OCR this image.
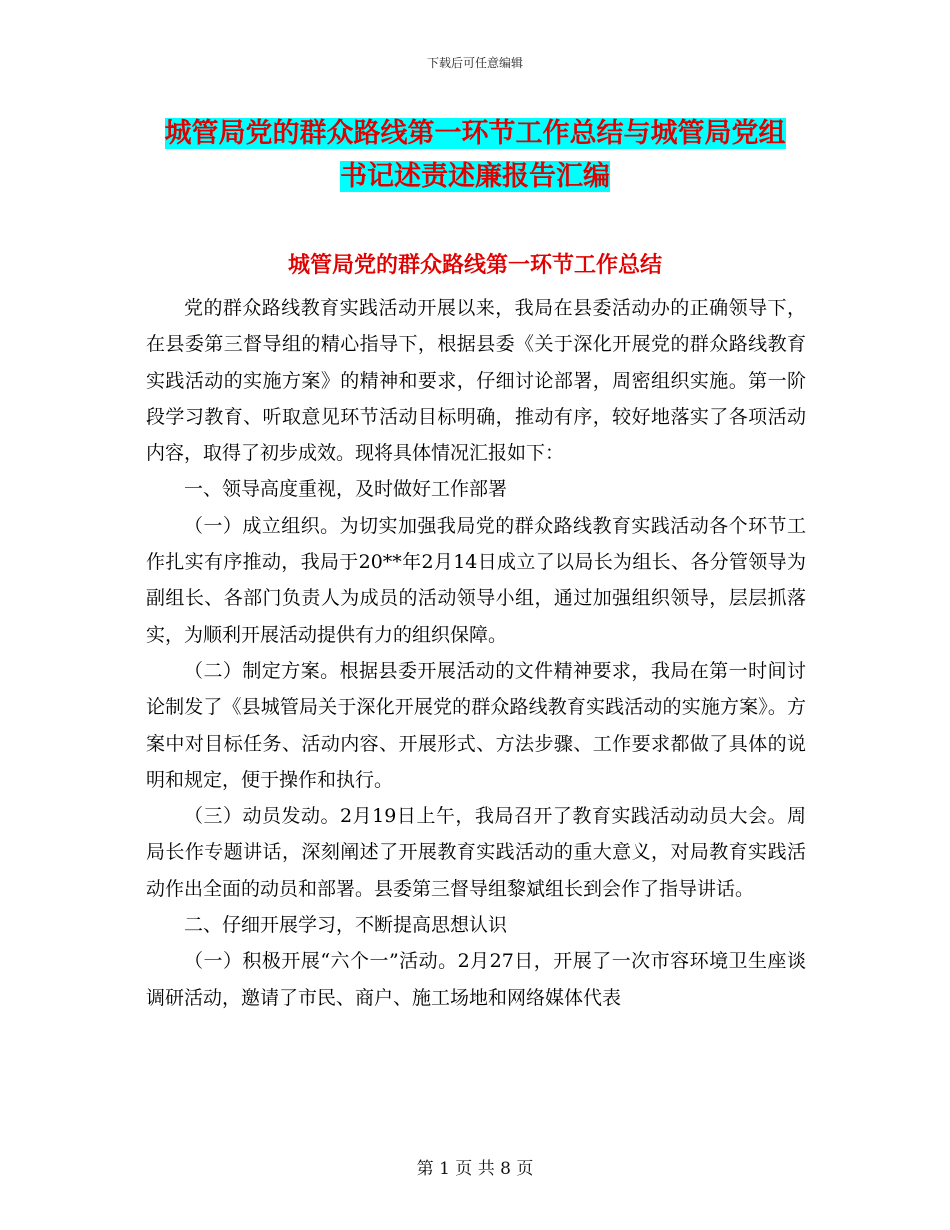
下载后可任意编辑
城管局党的群众路线第一环节工作总结与城管局党组
书记述责述廉报告汇编
城管局党的群众路线第一环节工作总结

党的群众路线教育实践活动开展以来，我局在县委活动办的正确领导下，在县委第三督导组的精心指导下，根据县委《关于深化开展党的群众路线教育实践活动的实施方案》的精神和要求，仔细讨论部署，周密组织实施。第一阶段学习教育、听取意见环节活动目标明确，推动有序，较好地落实了各项活动内容，取得了初步成效。现将具体情况汇报如下：

一、领导高度重视，及时做好工作部署

（一）成立组织。为切实加强我局党的群众路线教育实践活动各个环节工作扎实有序推动，我局于20**年2月14日成立了以局长为组长、各分管领导为副组长、各部门负责人为成员的活动领导小组，通过加强组织领导，层层抓落实，为顺利开展活动提供有力的组织保障。

（二）制定方案。根据县委开展活动的文件精神要求，我局在第一时间讨论制发了《县城管局关于深化开展党的群众路线教育实践活动的实施方案》。方案中对目标任务、活动内容、开展形式、方法步骤、工作要求都做了具体的说明和规定，便于操作和执行。

（三）动员发动。2月19日上午，我局召开了教育实践活动动员大会。周局长作专题讲话，深刻阐述了开展教育实践活动的重大意义，对局教育实践活动作出全面的动员和部署。县委第三督导组黎斌组长到会作了指导讲话。

二、仔细开展学习，不断提高思想认识

（一）积极开展“六个一”活动。2月27日，开展了一次市容环境卫生座谈调研活动，邀请了市民、商户、施工场地和网络媒体代表

第 1 页 共 8 页
